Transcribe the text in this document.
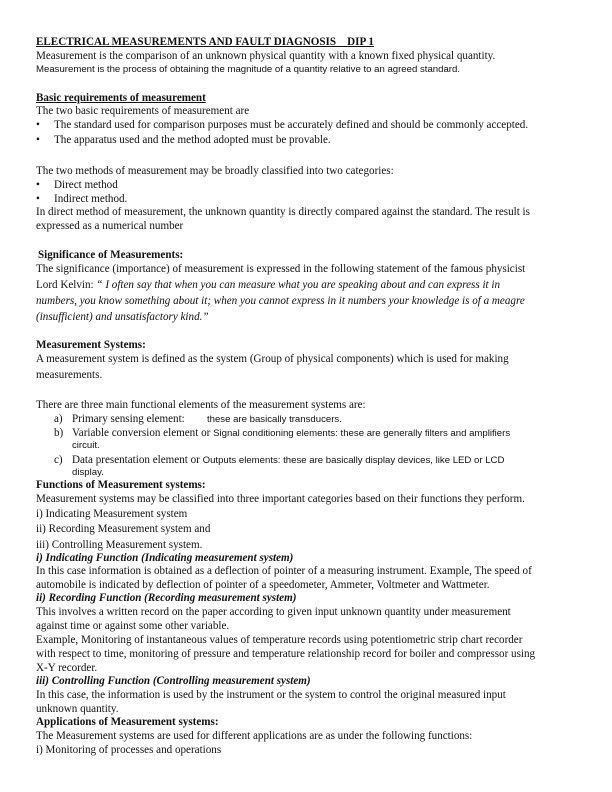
ELECTRICAL MEASUREMENTS AND FAULT DIAGNOSIS DIP 1
Measurement is the comparison of an unknown physical quantity with a known fixed physical quantity.
Measurement is the process of obtaining the magnitude of a quantity relative to an agreed standard.
Basic requirements of measurement
The two basic requirements of measurement are
• The standard used for comparison purposes must be accurately defined and should be commonly accepted.
• The apparatus used and the method adopted must be provable.
The two methods of measurement may be broadly classified into two categories:
• Direct method
• Indirect method.
In direct method of measurement, the unknown quantity is directly compared against the standard. The result is
expressed as a numerical number
Significance of Measurements:
The significance (importance) of measurement is expressed in the following statement of the famous physicist
Lord Kelvin: “ I often say that when you can measure what you are speaking about and can express it in
numbers, you know something about it; when you cannot express in it numbers your knowledge is of a meagre
(insufficient) and unsatisfactory kind.”
Measurement Systems:
A measurement system is defined as the system (Group of physical components) which is used for making
measurements.
There are three main functional elements of the measurement systems are:
a) Primary sensing element: these are basically transducers.
b) Variable conversion element or Signal conditioning elements: these are generally filters and amplifiers
circuit.
c) Data presentation element or Outputs elements: these are basically display devices, like LED or LCD
display.
Functions of Measurement systems:
Measurement systems may be classified into three important categories based on their functions they perform.
i) Indicating Measurement system
ii) Recording Measurement system and
iii) Controlling Measurement system.
i) Indicating Function (Indicating measurement system)
In this case information is obtained as a deflection of pointer of a measuring instrument. Example, The speed of
automobile is indicated by deflection of pointer of a speedometer, Ammeter, Voltmeter and Wattmeter.
ii) Recording Function (Recording measurement system)
This involves a written record on the paper according to given input unknown quantity under measurement
against time or against some other variable.
Example, Monitoring of instantaneous values of temperature records using potentiometric strip chart recorder
with respect to time, monitoring of pressure and temperature relationship record for boiler and compressor using
X-Y recorder.
iii) Controlling Function (Controlling measurement system)
In this case, the information is used by the instrument or the system to control the original measured input
unknown quantity.
Applications of Measurement systems:
The Measurement systems are used for different applications are as under the following functions:
i) Monitoring of processes and operations
